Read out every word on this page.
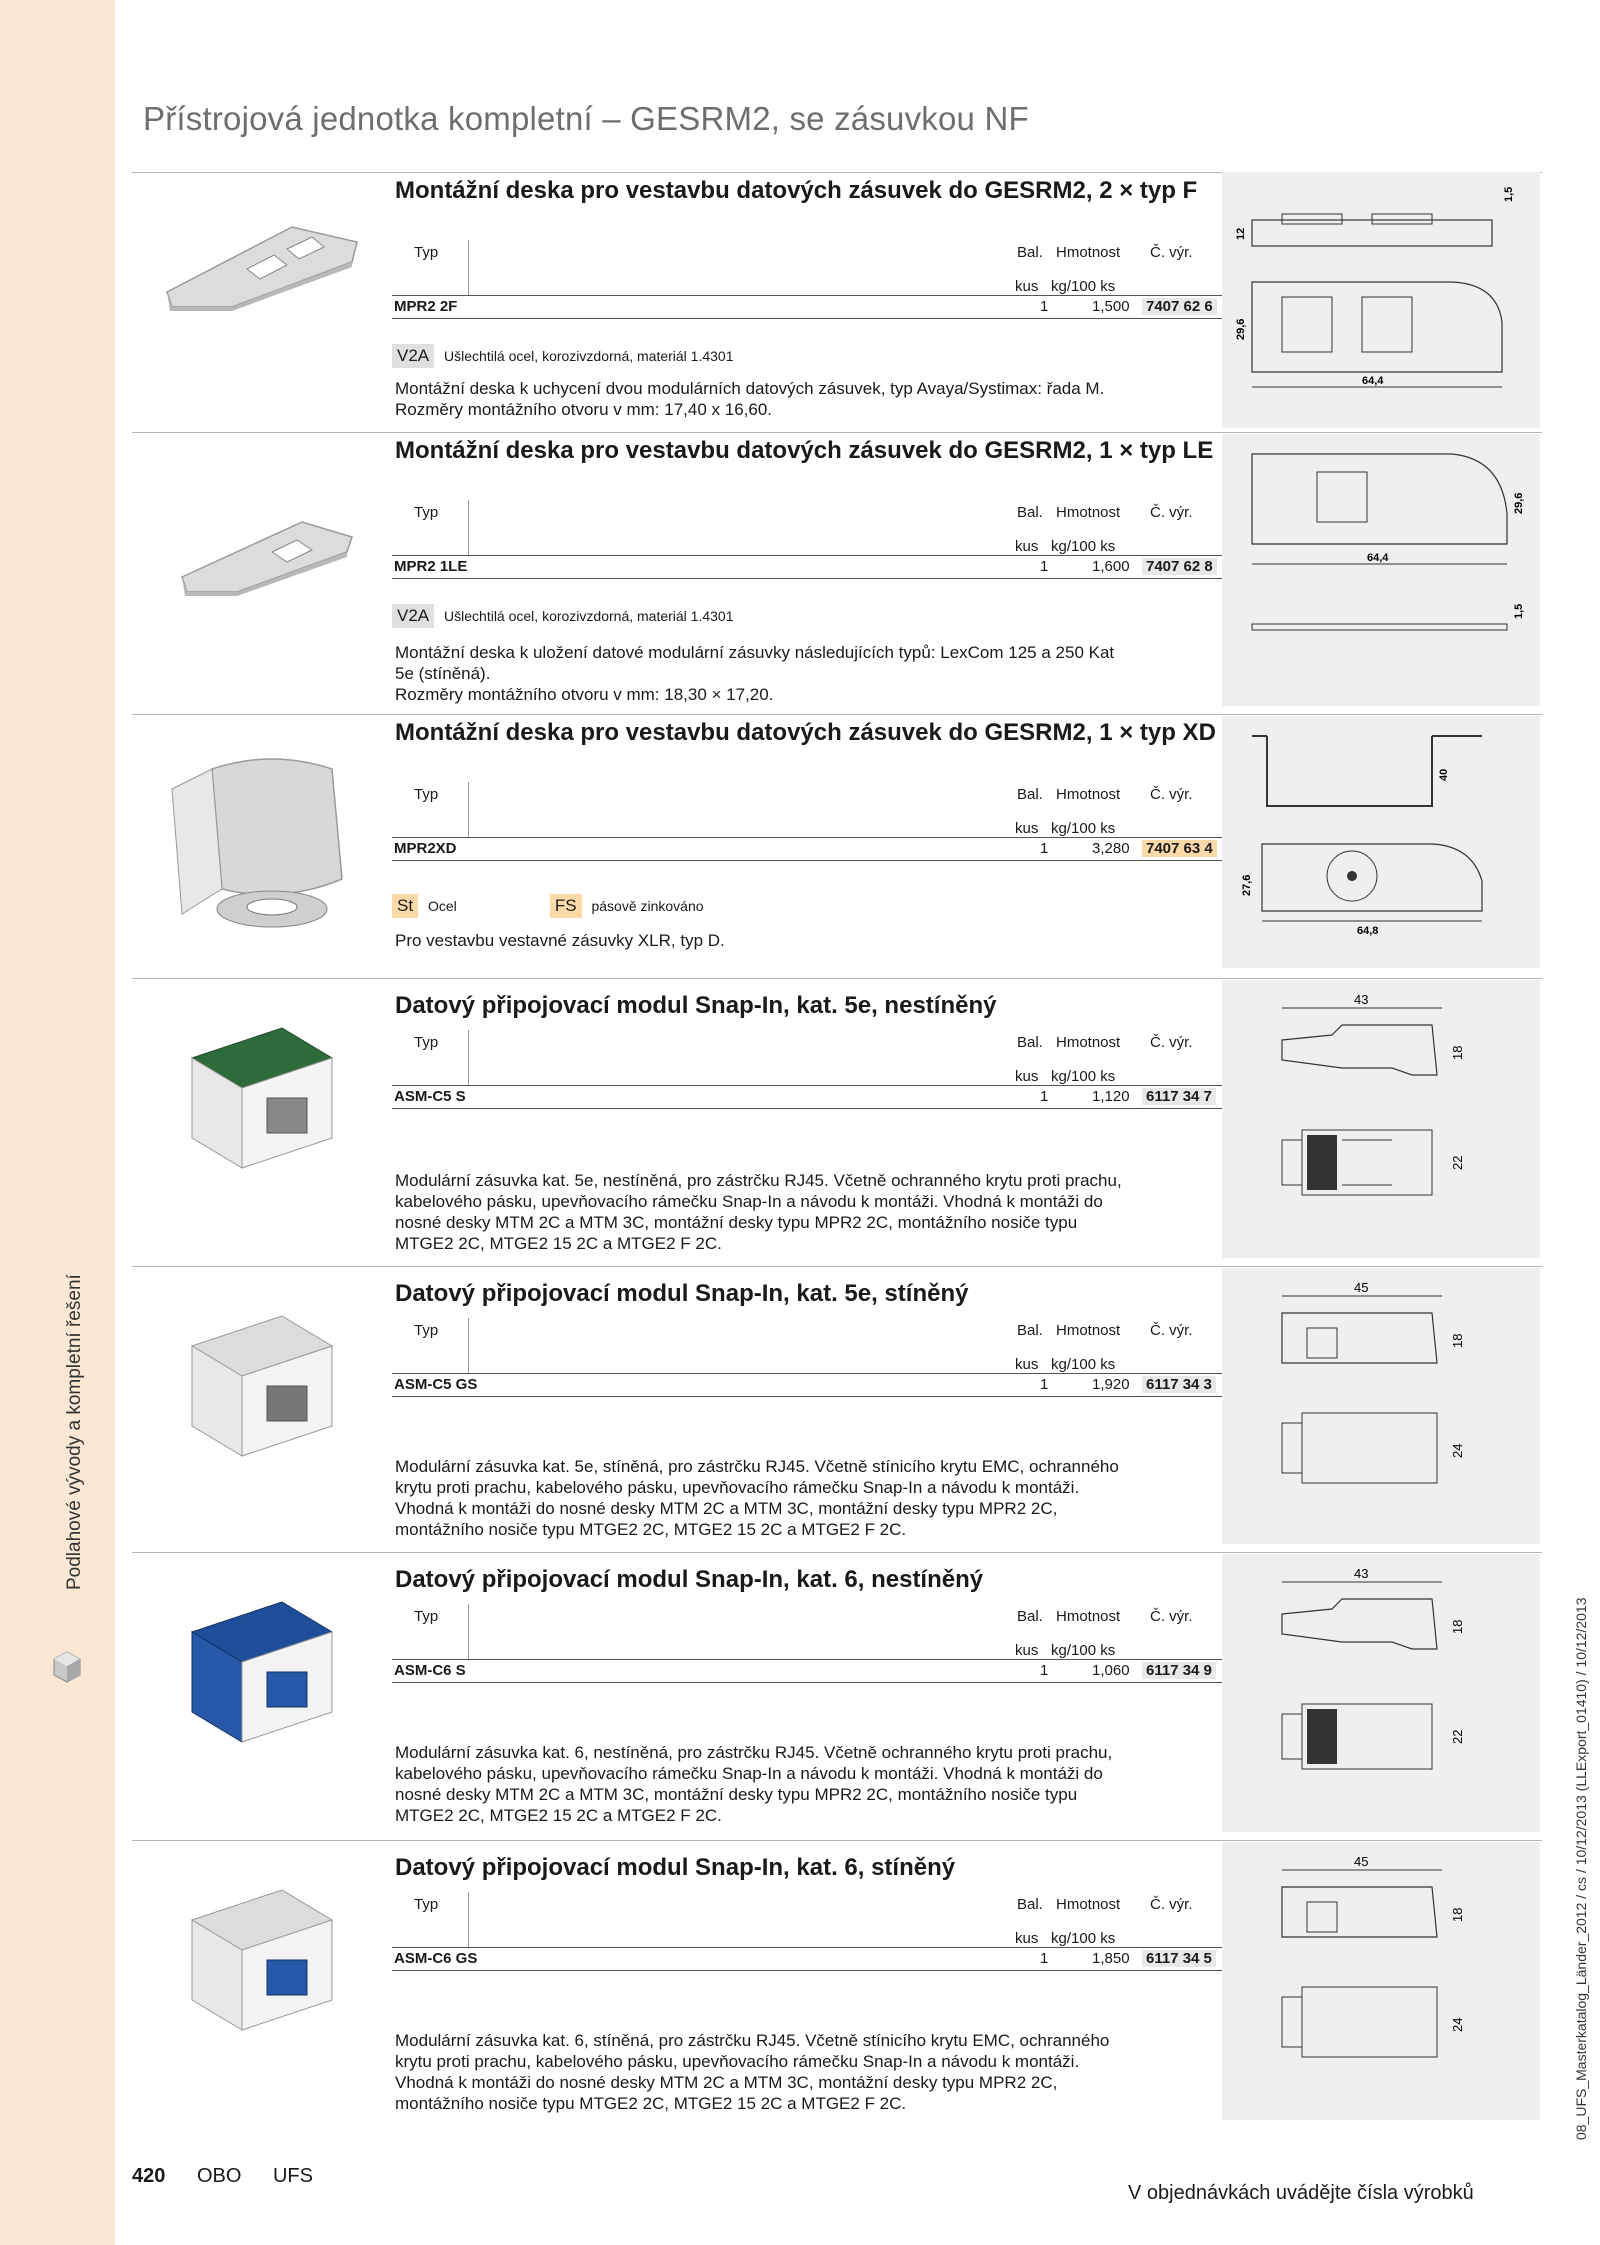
Podlahové vývody a kompletní řešení
Přístrojová jednotka kompletní – GESRM2, se zásuvkou NF
08_UFS_Masterkatalog_Länder_2012 / cs / 10/12/2013 (LLExport_01410) / 10/12/2013
Montážní deska pro vestavbu datových zásuvek do GESRM2, 2 × typ F
Typ	Bal. Hmotnost Č. výr.
kus kg/100 ks
MPR2 2F	1	1,500 7407 62 6
V2A Ušlechtilá ocel, korozivzdorná, materiál 1.4301
Montážní deska k uchycení dvou modulárních datových zásuvek, typ Avaya/Systimax: řada M.
Rozměry montážního otvoru v mm: 17,40 x 16,60.
1,5
12
29,6
64,4
Montážní deska pro vestavbu datových zásuvek do GESRM2, 1 × typ LE
Typ	Bal. Hmotnost Č. výr.
kus kg/100 ks
MPR2 1LE	1	1,600 7407 62 8
V2A Ušlechtilá ocel, korozivzdorná, materiál 1.4301
Montážní deska k uložení datové modulární zásuvky následujících typů: LexCom 125 a 250 Kat
5e (stíněná).
Rozměry montážního otvoru v mm: 18,30 × 17,20.
29,6
64,4
1,5
Montážní deska pro vestavbu datových zásuvek do GESRM2, 1 × typ XD
Typ	Bal. Hmotnost Č. výr.
kus kg/100 ks
MPR2XD	1	3,280 7407 63 4
St Ocel	FS pásově zinkováno
Pro vestavbu vestavné zásuvky XLR, typ D.
40
27,6
64,8
Datový připojovací modul Snap-In, kat. 5e, nestíněný
Typ	Bal. Hmotnost Č. výr.
kus kg/100 ks
ASM-C5 S	1	1,120 6117 34 7
Modulární zásuvka kat. 5e, nestíněná, pro zástrčku RJ45. Včetně ochranného krytu proti prachu,
kabelového pásku, upevňovacího rámečku Snap-In a návodu k montáži. Vhodná k montáži do
nosné desky MTM 2C a MTM 3C, montážní desky typu MPR2 2C, montážního nosiče typu
MTGE2 2C, MTGE2 15 2C a MTGE2 F 2C.
43
18
22
Datový připojovací modul Snap-In, kat. 5e, stíněný
Typ	Bal. Hmotnost Č. výr.
kus kg/100 ks
ASM-C5 GS	1	1,920 6117 34 3
Modulární zásuvka kat. 5e, stíněná, pro zástrčku RJ45. Včetně stínicího krytu EMC, ochranného
krytu proti prachu, kabelového pásku, upevňovacího rámečku Snap-In a návodu k montáži.
Vhodná k montáži do nosné desky MTM 2C a MTM 3C, montážní desky typu MPR2 2C,
montážního nosiče typu MTGE2 2C, MTGE2 15 2C a MTGE2 F 2C.
45
18
24
Datový připojovací modul Snap-In, kat. 6, nestíněný
Typ	Bal. Hmotnost Č. výr.
kus kg/100 ks
ASM-C6 S	1	1,060 6117 34 9
Modulární zásuvka kat. 6, nestíněná, pro zástrčku RJ45. Včetně ochranného krytu proti prachu,
kabelového pásku, upevňovacího rámečku Snap-In a návodu k montáži. Vhodná k montáži do
nosné desky MTM 2C a MTM 3C, montážní desky typu MPR2 2C, montážního nosiče typu
MTGE2 2C, MTGE2 15 2C a MTGE2 F 2C.
43
18
22
Datový připojovací modul Snap-In, kat. 6, stíněný
Typ	Bal. Hmotnost Č. výr.
kus kg/100 ks
ASM-C6 GS	1	1,850 6117 34 5
Modulární zásuvka kat. 6, stíněná, pro zástrčku RJ45. Včetně stínicího krytu EMC, ochranného
krytu proti prachu, kabelového pásku, upevňovacího rámečku Snap-In a návodu k montáži.
Vhodná k montáži do nosné desky MTM 2C a MTM 3C, montážní desky typu MPR2 2C,
montážního nosiče typu MTGE2 2C, MTGE2 15 2C a MTGE2 F 2C.
45
18
24
420 OBO UFS
V objednávkách uvádějte čísla výrobků
